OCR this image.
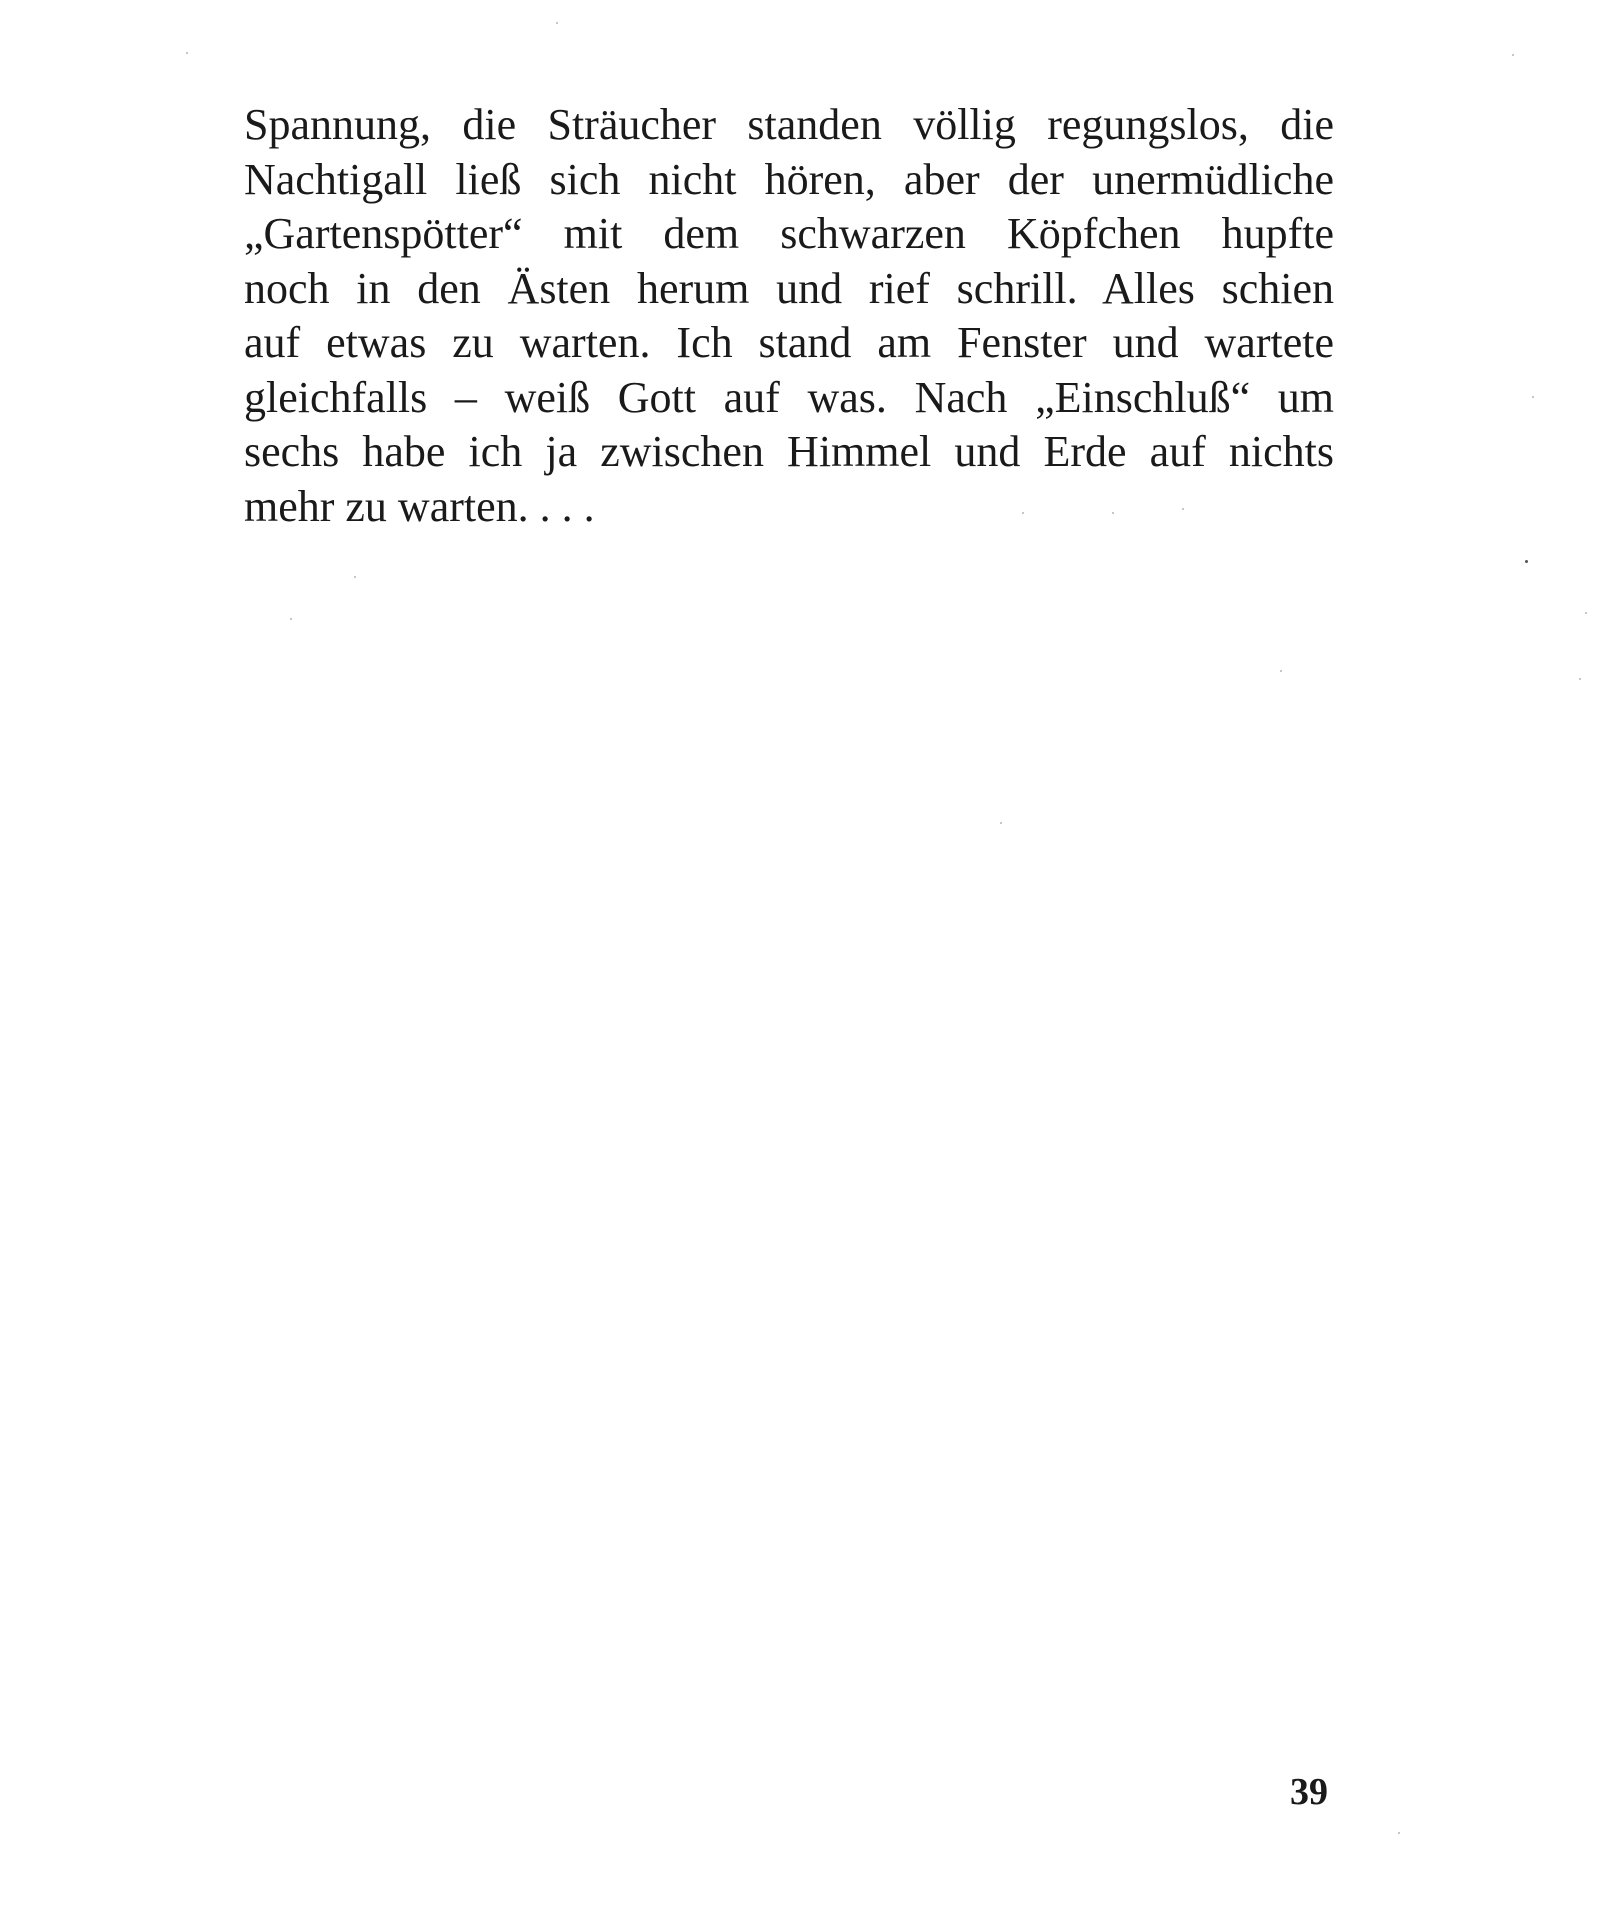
Spannung, die Sträucher standen völlig regungslos, die
Nachtigall ließ sich nicht hören, aber der unermüdliche
„Gartenspötter“ mit dem schwarzen Köpfchen hupfte
noch in den Ästen herum und rief schrill. Alles schien
auf etwas zu warten. Ich stand am Fenster und wartete
gleichfalls – weiß Gott auf was. Nach „Einschluß“ um
sechs habe ich ja zwischen Himmel und Erde auf nichts
mehr zu warten. . . .
39
